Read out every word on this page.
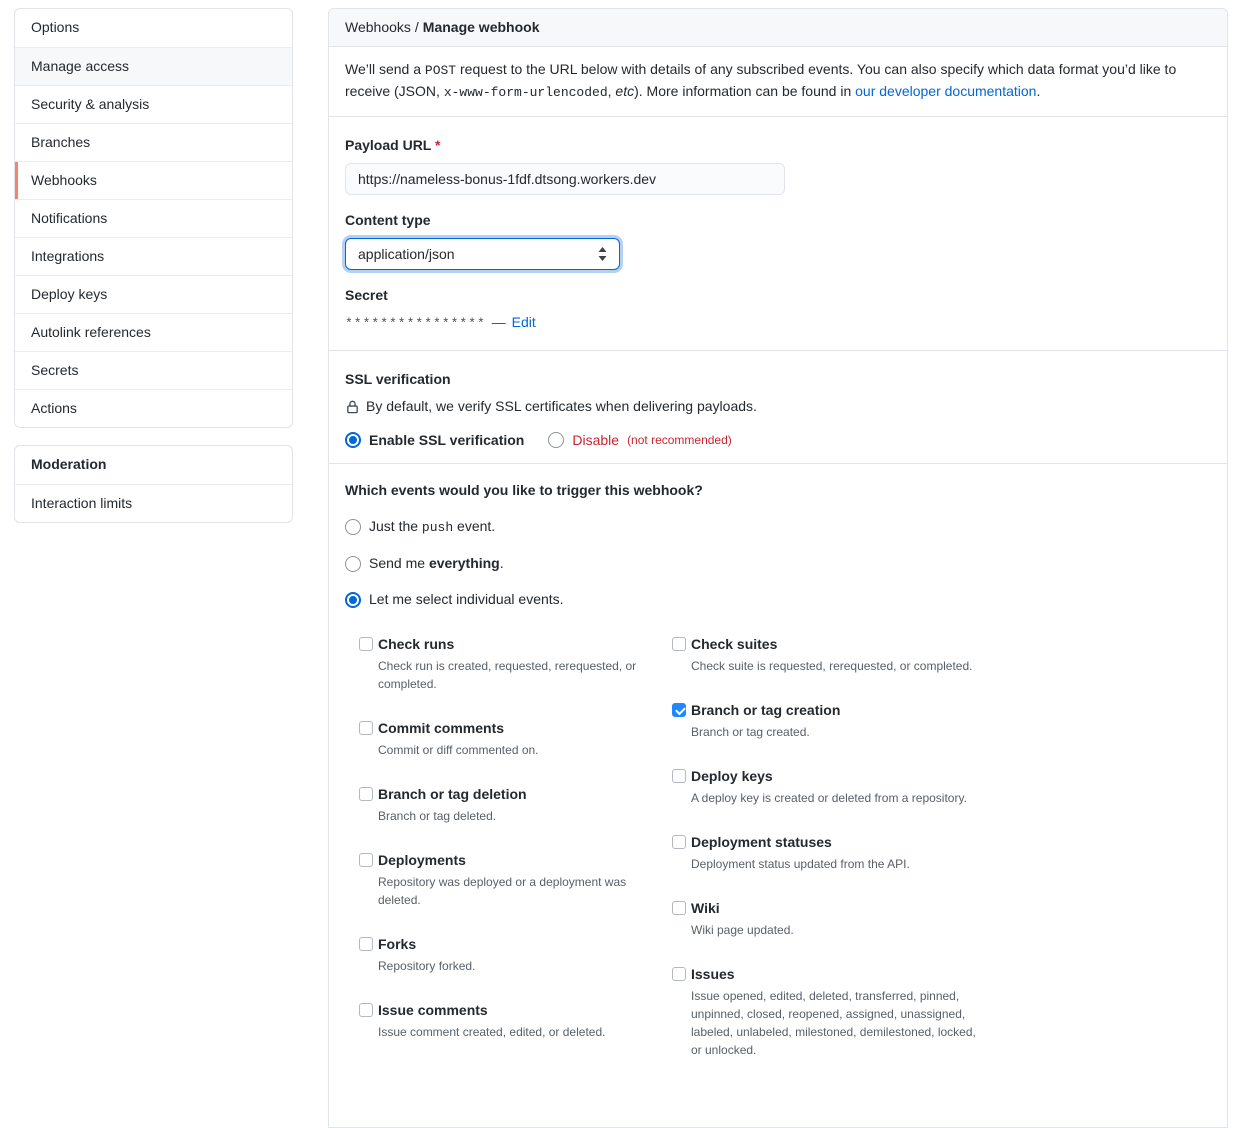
Options
Manage access
Security & analysis
Branches
Webhooks
Notifications
Integrations
Deploy keys
Autolink references
Secrets
Actions
Moderation
Interaction limits
Webhooks / Manage webhook

We’ll send a POST request to the URL below with details of any subscribed events. You can also specify which data format you’d like to receive (JSON, x-www-form-urlencoded, etc). More information can be found in our developer documentation.

Payload URL *
https://nameless-bonus-1fdf.dtsong.workers.dev
Content type
application/json
Secret
**************** — Edit
SSL verification
By default, we verify SSL certificates when delivering payloads.
Enable SSL verification	Disable (not recommended)
Which events would you like to trigger this webhook?
Just the push event.
Send me everything.
Let me select individual events.
Check runs
Check run is created, requested, rerequested, or completed.
Commit comments
Commit or diff commented on.
Branch or tag deletion
Branch or tag deleted.
Deployments
Repository was deployed or a deployment was deleted.
Forks
Repository forked.
Issue comments
Issue comment created, edited, or deleted.
Check suites
Check suite is requested, rerequested, or completed.
Branch or tag creation
Branch or tag created.
Deploy keys
A deploy key is created or deleted from a repository.
Deployment statuses
Deployment status updated from the API.
Wiki
Wiki page updated.
Issues
Issue opened, edited, deleted, transferred, pinned, unpinned, closed, reopened, assigned, unassigned, labeled, unlabeled, milestoned, demilestoned, locked, or unlocked.
